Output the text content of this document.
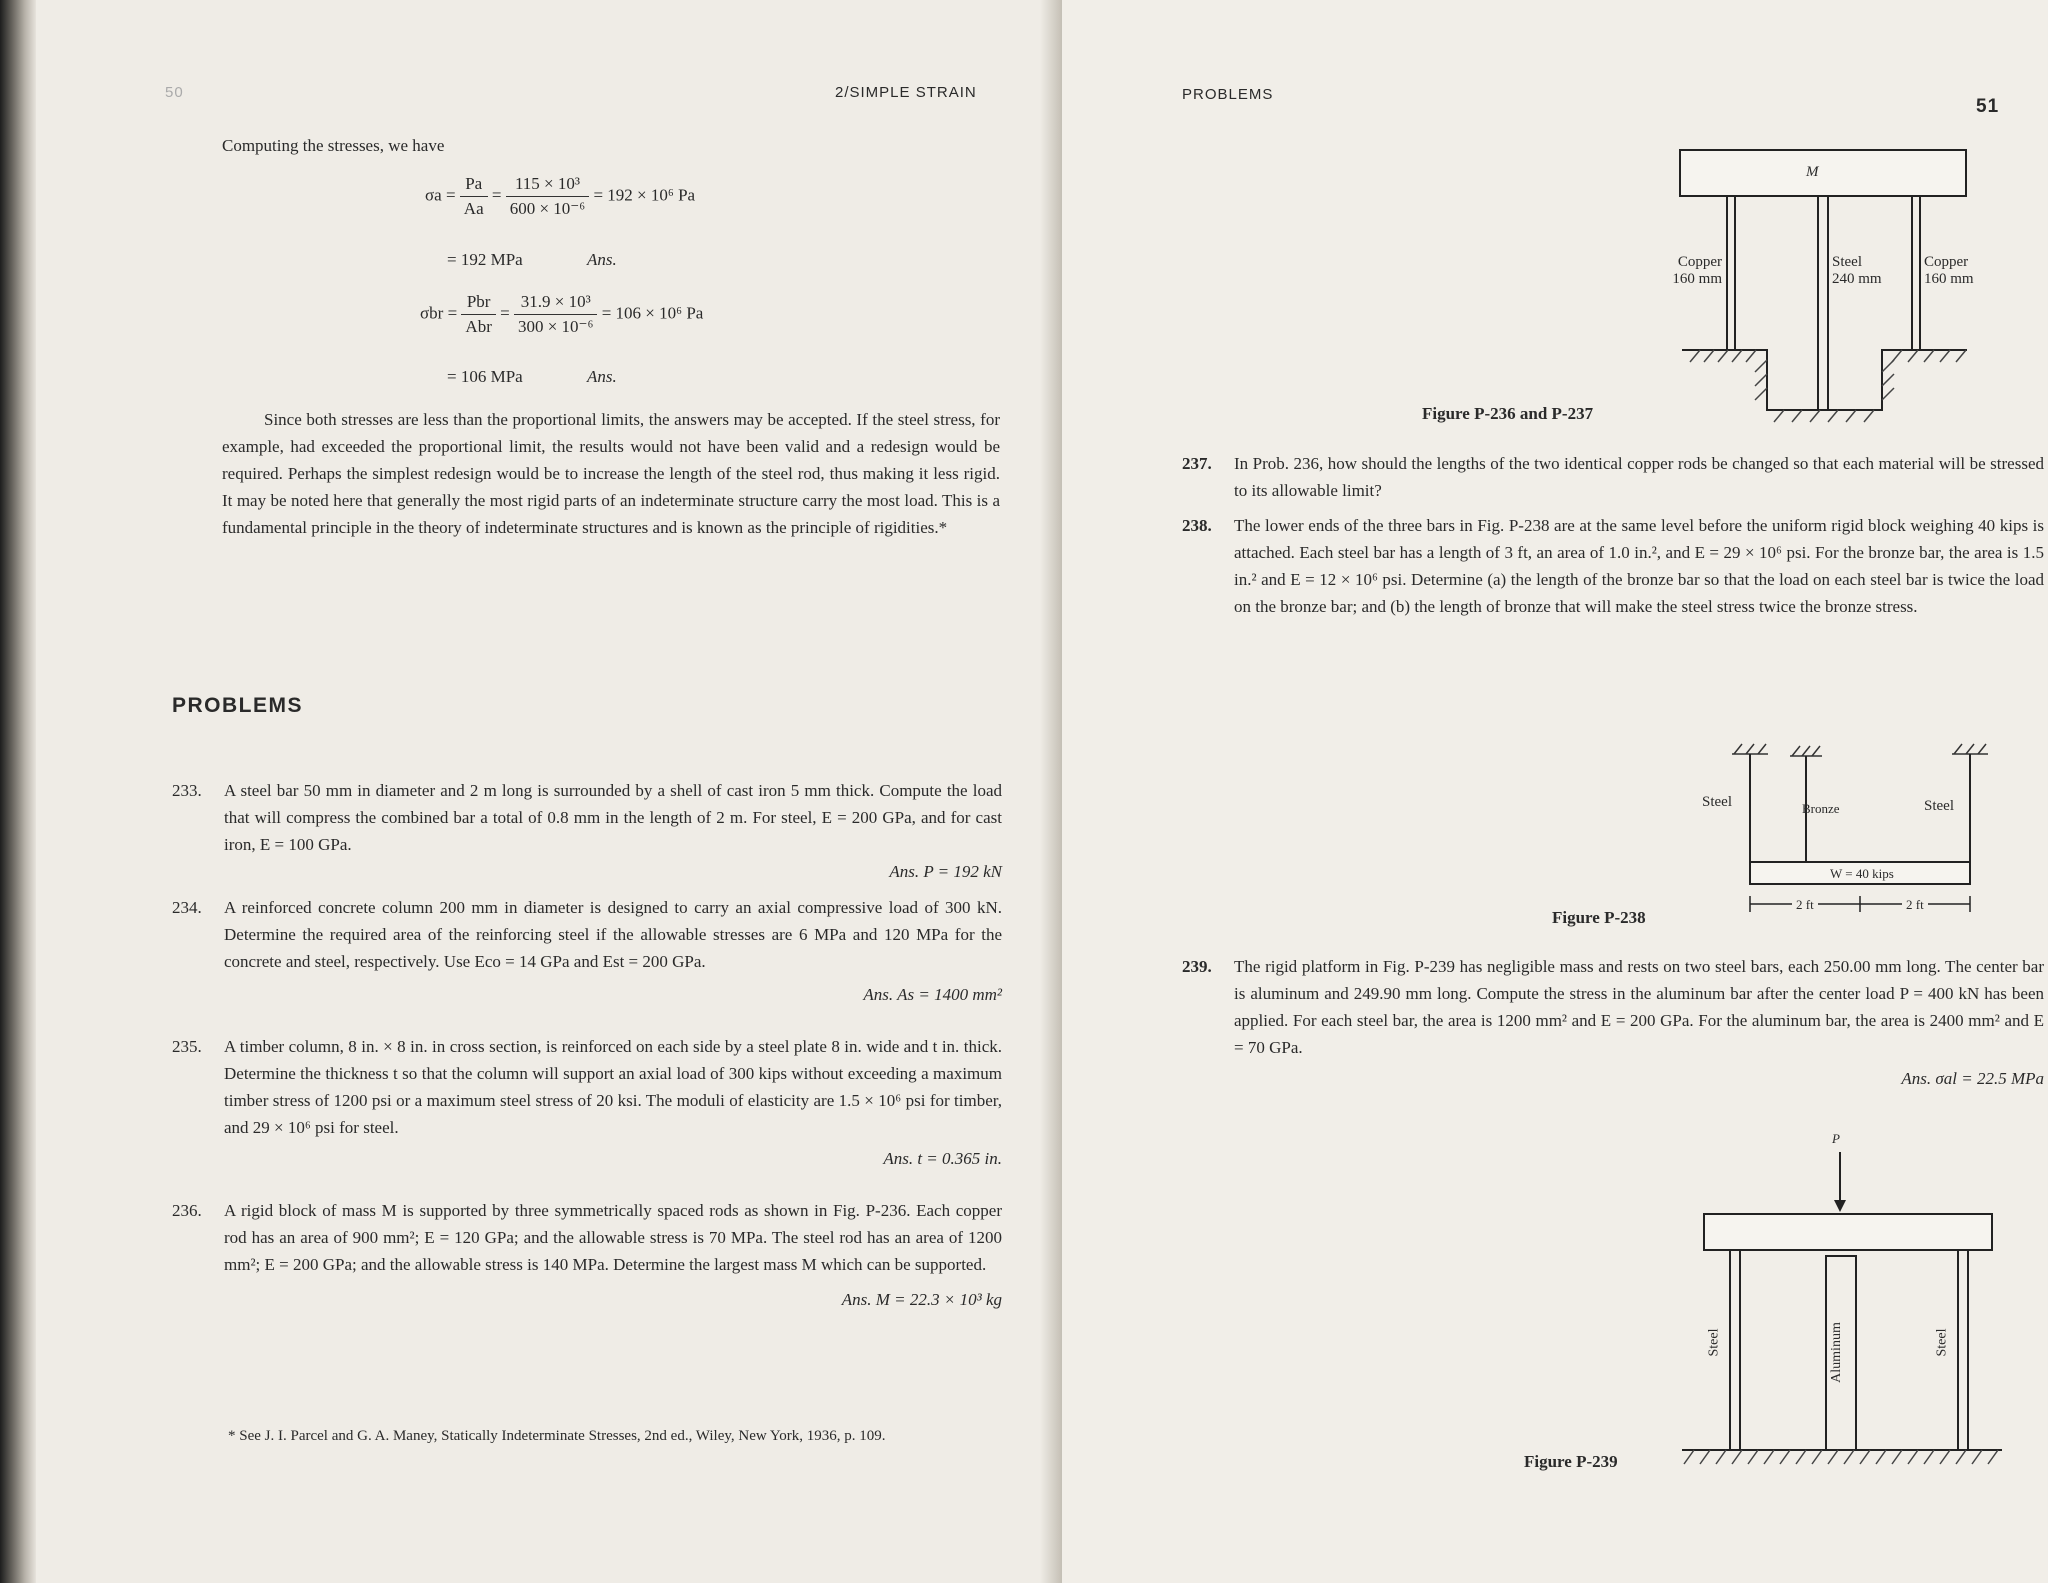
50	2/SIMPLE STRAIN
Computing the stresses, we have
$\sigma a = \frac{Pa}{Aa} = \frac{\text{115 × 10³}}{\text{600 × 10⁻⁶}} = 192 \times 10^6$ Pa
= 192 MPa	Ans.
$\sigma br = \frac{\text{Pbr}}{\text{Abr}} = \frac{\text{31.9 × 10³}}{\text{300 × 10⁻⁶}} = 106 \times 10^6$ Pa
= 106 MPa	Ans.
Since both stresses are less than the proportional limits, the answers may be accepted. If the steel stress, for example, had exceeded the proportional limit, the results would not have been valid and a redesign would be required. Perhaps the simplest redesign would be to increase the length of the steel rod, thus making it less rigid. It may be noted here that generally the most rigid parts of an indeterminate structure carry the most load. This is a fundamental principle in the theory of indeterminate structures and is known as the principle of rigidities.*
PROBLEMS
233. A steel bar 50 mm in diameter and 2 m long is surrounded by a shell of cast iron 5 mm thick. Compute the load that will compress the combined bar a total of 0.8 mm in the length of 2 m. For steel, E = 200 GPa, and for cast iron, E = 100 GPa.
Ans. P = 192 kN
234. A reinforced concrete column 200 mm in diameter is designed to carry an axial compressive load of 300 kN. Determine the required area of the reinforcing steel if the allowable stresses are 6 MPa and 120 MPa for the concrete and steel, respectively. Use Eco = 14 GPa and Est = 200 GPa.
Ans. As = 1400 mm²
235. A timber column, 8 in. × 8 in. in cross section, is reinforced on each side by a steel plate 8 in. wide and t in. thick. Determine the thickness t so that the column will support an axial load of 300 kips without exceeding a maximum timber stress of 1200 psi or a maximum steel stress of 20 ksi. The moduli of elasticity are 1.5 × 10⁶ psi for timber, and 29 × 10⁶ psi for steel.
Ans. t = 0.365 in.
236. A rigid block of mass M is supported by three symmetrically spaced rods as shown in Fig. P-236. Each copper rod has an area of 900 mm²; E = 120 GPa; and the allowable stress is 70 MPa. The steel rod has an area of 1200 mm²; E = 200 GPa; and the allowable stress is 140 MPa. Determine the largest mass M which can be supported.
Ans. M = 22.3 × 10³ kg
* See J. I. Parcel and G. A. Maney, Statically Indeterminate Stresses, 2nd ed., Wiley, New York, 1936, p. 109.
PROBLEMS
51
M
Copper
160 mm
Steel
240 mm
Copper
160 mm
Figure P-236 and P-237
237. In Prob. 236, how should the lengths of the two identical copper rods be changed so that each material will be stressed to its allowable limit?
238. The lower ends of the three bars in Fig. P-238 are at the same level before the uniform rigid block weighing 40 kips is attached. Each steel bar has a length of 3 ft, an area of 1.0 in.², and E = 29 × 10⁶ psi. For the bronze bar, the area is 1.5 in.² and E = 12 × 10⁶ psi. Determine (a) the length of the bronze bar so that the load on each steel bar is twice the load on the bronze bar; and (b) the length of bronze that will make the steel stress twice the bronze stress.
Steel	Bronze	Steel
W = 40 kips
2 ft	2 ft
Figure P-238
239. The rigid platform in Fig. P-239 has negligible mass and rests on two steel bars, each 250.00 mm long. The center bar is aluminum and 249.90 mm long. Compute the stress in the aluminum bar after the center load P = 400 kN has been applied. For each steel bar, the area is 1200 mm² and E = 200 GPa. For the aluminum bar, the area is 2400 mm² and E = 70 GPa.
Ans. σal = 22.5 MPa
P
Steel	Aluminum	Steel
Figure P-239
